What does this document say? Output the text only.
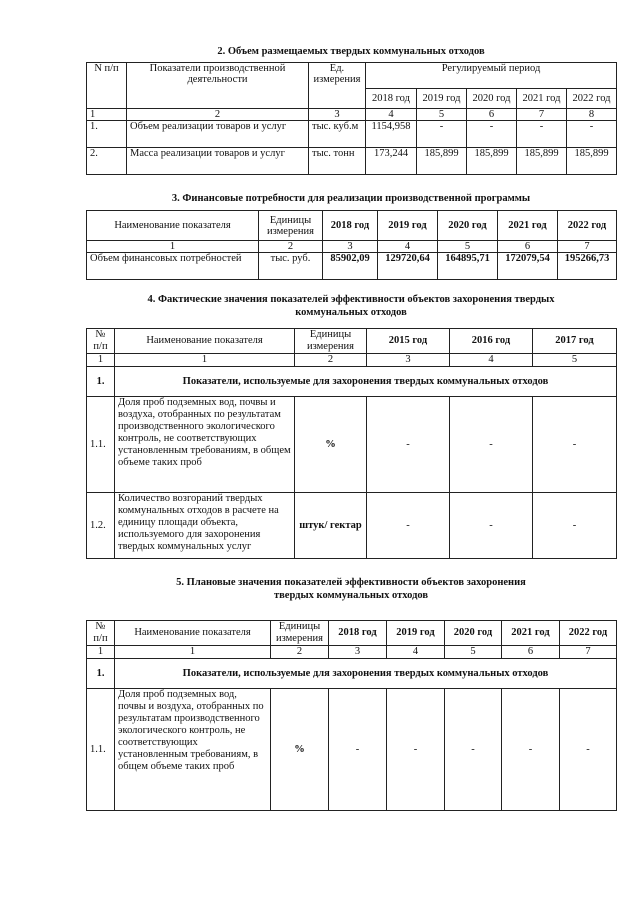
2. Объем размещаемых твердых коммунальных отходов
N п/п	Показатели производственной деятельности	Ед. измерения	Регулируемый период				
			2018 год	2019 год	2020 год	2021 год	2022 год
1	2	3	4	5	6	7	8
1.	Объем реализации товаров и услуг	тыс. куб.м	1154,958	-	-	-	-
2.	Масса реализации товаров и услуг	тыс. тонн	173,244	185,899	185,899	185,899	185,899
3. Финансовые потребности для реализации производственной программы
Наименование показателя	Единицы измерения	2018 год	2019 год	2020 год	2021 год	2022 год
1	2	3	4	5	6	7
Объем финансовых потребностей	тыс. руб.	85902,09	129720,64	164895,71	172079,54	195266,73
4. Фактические значения показателей эффективности объектов захоронения твердых коммунальных отходов
№ п/п	Наименование показателя	Единицы измерения	2015 год	2016 год	2017 год
1	1	2	3	4	5
1.	Показатели, используемые для захоронения твердых коммунальных отходов				
1.1.	Доля проб подземных вод, почвы и воздуха, отобранных по результатам производственного экологического контроль, не соответствующих установленным требованиям, в общем объеме таких проб	%	-	-	-
1.2.	Количество возгораний твердых коммунальных отходов в расчете на единицу площади объекта, используемого для захоронения твердых коммунальных услуг	штук/ гектар	-	-	-
5. Плановые значения показателей эффективности объектов захоронения твердых коммунальных отходов
№ п/п	Наименование показателя	Единицы измерения	2018 год	2019 год	2020 год	2021 год	2022 год
1	1	2	3	4	5	6	7
1.	Показатели, используемые для захоронения твердых коммунальных отходов						
1.1.	Доля проб подземных вод, почвы и воздуха, отобранных по результатам производственного экологического контроль, не соответствующих установленным требованиям, в общем объеме таких проб	%	-	-	-	-	-
